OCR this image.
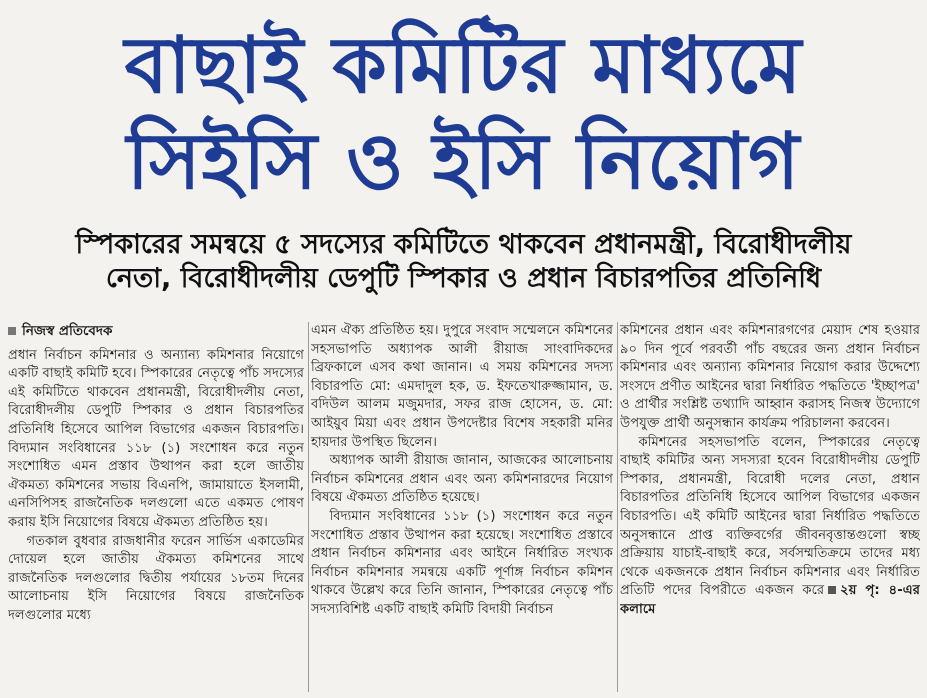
বাছাই কমিটির মাধ্যমে
সিইসি ও ইসি নিয়োগ
স্পিকারের সমন্বয়ে ৫ সদস্যের কমিটিতে থাকবেন প্রধানমন্ত্রী, বিরোধীদলীয়
নেতা, বিরোধীদলীয় ডেপুটি স্পিকার ও প্রধান বিচারপতির প্রতিনিধি
নিজস্ব প্রতিবেদক

প্রধান নির্বাচন কমিশনার ও অন্যান্য কমিশনার নিয়োগে একটি বাছাই কমিটি হবে। স্পিকারের নেতৃত্বে পাঁচ সদস্যের এই কমিটিতে থাকবেন প্রধানমন্ত্রী, বিরোধীদলীয় নেতা, বিরোধীদলীয় ডেপুটি স্পিকার ও প্রধান বিচারপতির প্রতিনিধি হিসেবে আপিল বিভাগের একজন বিচারপতি। বিদ্যমান সংবিধানের ১১৮ (১) সংশোধন করে নতুন সংশোধিত এমন প্রস্তাব উত্থাপন করা হলে জাতীয় ঐকমত্য কমিশনের সভায় বিএনপি, জামায়াতে ইসলামী, এনসিপিসহ রাজনৈতিক দলগুলো এতে একমত পোষণ করায় ইসি নিয়োগের বিষয়ে ঐকমত্য প্রতিষ্ঠিত হয়।

গতকাল বুধবার রাজধানীর ফরেন সার্ভিস একাডেমির দোয়েল হলে জাতীয় ঐকমত্য কমিশনের সাথে রাজনৈতিক দলগুলোর দ্বিতীয় পর্যায়ের ১৮তম দিনের আলোচনায় ইসি নিয়োগের বিষয়ে রাজনৈতিক দলগুলোর মধ্যে

এমন ঐক্য প্রতিষ্ঠিত হয়। দুপুরে সংবাদ সম্মেলনে কমিশনের সহসভাপতি অধ্যাপক আলী রীয়াজ সাংবাদিকদের ব্রিফকালে এসব কথা জানান। এ সময় কমিশনের সদস্য বিচারপতি মো: এমদাদুল হক, ড. ইফতেখারুজ্জামান, ড. বদিউল আলম মজুমদার, সফর রাজ হোসেন, ড. মো: আইয়ুব মিয়া এবং প্রধান উপদেষ্টার বিশেষ সহকারী মনির হায়দার উপস্থিত ছিলেন।

অধ্যাপক আলী রীয়াজ জানান, আজকের আলোচনায় নির্বাচন কমিশনের প্রধান এবং অন্য কমিশনারদের নিয়োগ বিষয়ে ঐকমত্য প্রতিষ্ঠিত হয়েছে।

বিদ্যমান সংবিধানের ১১৮ (১) সংশোধন করে নতুন সংশোধিত প্রস্তাব উত্থাপন করা হয়েছে। সংশোধিত প্রস্তাবে প্রধান নির্বাচন কমিশনার এবং আইনে নির্ধারিত সংখ্যক নির্বাচন কমিশনার সমন্বয়ে একটি পূর্ণাঙ্গ নির্বাচন কমিশন থাকবে উল্লেখ করে তিনি জানান, স্পিকারের নেতৃত্বে পাঁচ সদস্যবিশিষ্ট একটি বাছাই কমিটি বিদায়ী নির্বাচন

কমিশনের প্রধান এবং কমিশনারগণের মেয়াদ শেষ হওয়ার ৯০ দিন পূর্বে পরবর্তী পাঁচ বছরের জন্য প্রধান নির্বাচন কমিশনার এবং অন্যান্য কমিশনার নিয়োগ করার উদ্দেশ্যে সংসদে প্রণীত আইনের দ্বারা নির্ধারিত পদ্ধতিতে 'ইচ্ছাপত্র' ও প্রার্থীর সংশ্লিষ্ট তথ্যাদি আহ্বান করাসহ নিজস্ব উদ্যোগে উপযুক্ত প্রার্থী অনুসন্ধান কার্যক্রম পরিচালনা করবেন।

কমিশনের সহসভাপতি বলেন, স্পিকারের নেতৃত্বে বাছাই কমিটির অন্য সদস্যরা হবেন বিরোধীদলীয় ডেপুটি স্পিকার, প্রধানমন্ত্রী, বিরোধী দলের নেতা, প্রধান বিচারপতির প্রতিনিধি হিসেবে আপিল বিভাগের একজন বিচারপতি। এই কমিটি আইনের দ্বারা নির্ধারিত পদ্ধতিতে অনুসন্ধানে প্রাপ্ত ব্যক্তিবর্গের জীবনবৃত্তান্তগুলো স্বচ্ছ প্রক্রিয়ায় যাচাই-বাছাই করে, সর্বসম্মতিক্রমে তাদের মধ্য থেকে একজনকে প্রধান নির্বাচন কমিশনার এবং নির্ধারিত প্রতিটি পদের বিপরীতে একজন করে ২য় পৃ: ৪-এর কলামে
